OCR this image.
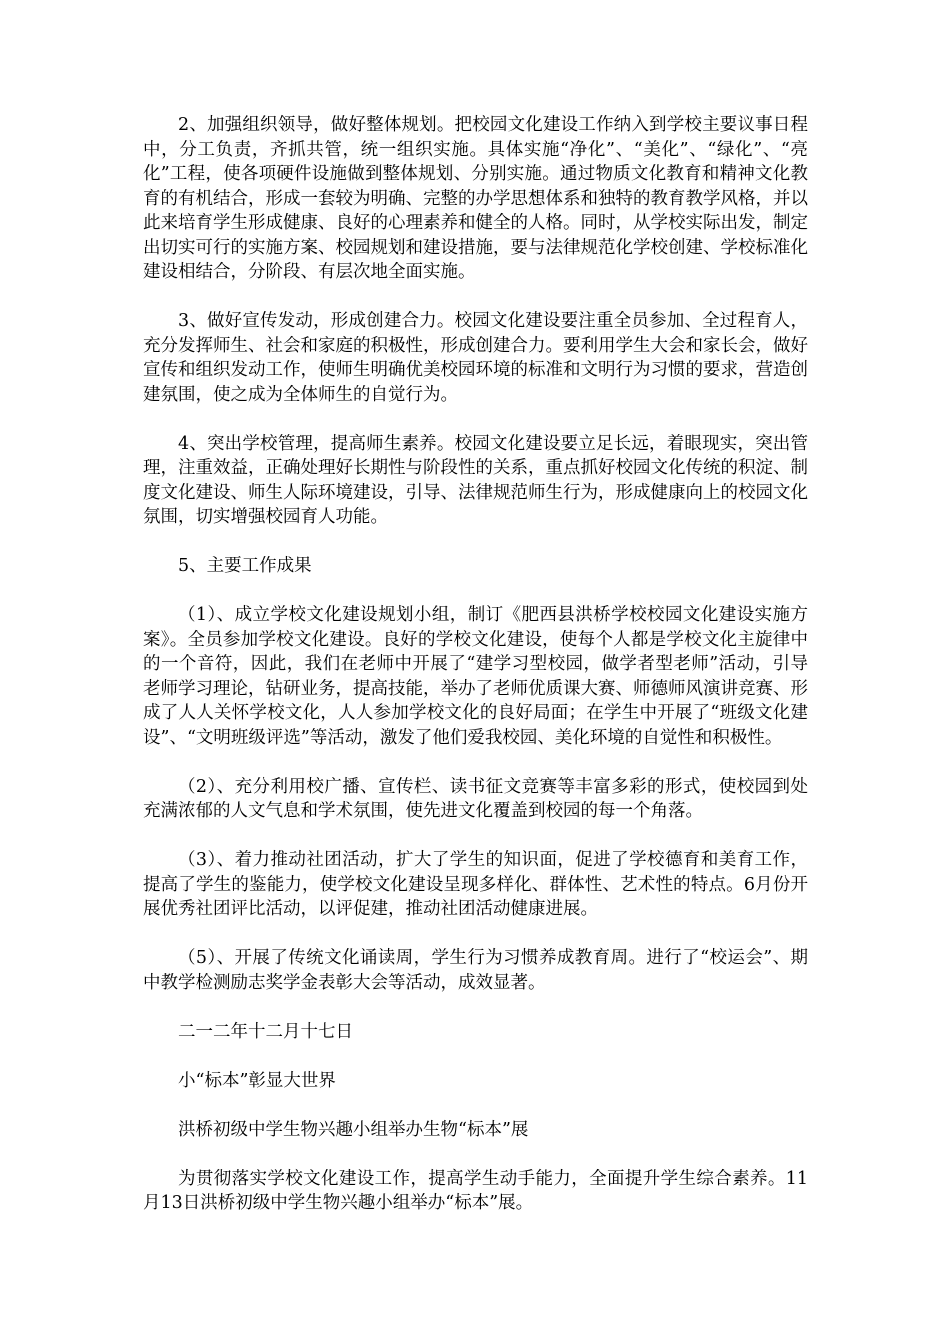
2、加强组织领导，做好整体规划。把校园文化建设工作纳入到学校主要议事日程中，分工负责，齐抓共管，统一组织实施。具体实施“净化”、“美化”、“绿化”、“亮化”工程，使各项硬件设施做到整体规划、分别实施。通过物质文化教育和精神文化教育的有机结合，形成一套较为明确、完整的办学思想体系和独特的教育教学风格，并以此来培育学生形成健康、良好的心理素养和健全的人格。同时，从学校实际出发，制定出切实可行的实施方案、校园规划和建设措施，要与法律规范化学校创建、学校标准化建设相结合，分阶段、有层次地全面实施。

3、做好宣传发动，形成创建合力。校园文化建设要注重全员参加、全过程育人，充分发挥师生、社会和家庭的积极性，形成创建合力。要利用学生大会和家长会，做好宣传和组织发动工作，使师生明确优美校园环境的标准和文明行为习惯的要求，营造创建氛围，使之成为全体师生的自觉行为。

4、突出学校管理，提高师生素养。校园文化建设要立足长远，着眼现实，突出管理，注重效益，正确处理好长期性与阶段性的关系，重点抓好校园文化传统的积淀、制度文化建设、师生人际环境建设，引导、法律规范师生行为，形成健康向上的校园文化氛围，切实增强校园育人功能。

5、主要工作成果

（1）、成立学校文化建设规划小组，制订《肥西县洪桥学校校园文化建设实施方案》。全员参加学校文化建设。良好的学校文化建设，使每个人都是学校文化主旋律中的一个音符，因此，我们在老师中开展了“建学习型校园，做学者型老师”活动，引导老师学习理论，钻研业务，提高技能，举办了老师优质课大赛、师德师风演讲竞赛、形成了人人关怀学校文化，人人参加学校文化的良好局面；在学生中开展了“班级文化建设”、“文明班级评选”等活动，激发了他们爱我校园、美化环境的自觉性和积极性。

（2）、充分利用校广播、宣传栏、读书征文竞赛等丰富多彩的形式，使校园到处充满浓郁的人文气息和学术氛围，使先进文化覆盖到校园的每一个角落。

（3）、着力推动社团活动，扩大了学生的知识面，促进了学校德育和美育工作，提高了学生的鉴能力，使学校文化建设呈现多样化、群体性、艺术性的特点。6月份开展优秀社团评比活动，以评促建，推动社团活动健康进展。

（5）、开展了传统文化诵读周，学生行为习惯养成教育周。进行了“校运会”、期中教学检测励志奖学金表彰大会等活动，成效显著。

二一二年十二月十七日

小“标本”彰显大世界

洪桥初级中学生物兴趣小组举办生物“标本”展

为贯彻落实学校文化建设工作，提高学生动手能力，全面提升学生综合素养。11月13日洪桥初级中学生物兴趣小组举办“标本”展。
